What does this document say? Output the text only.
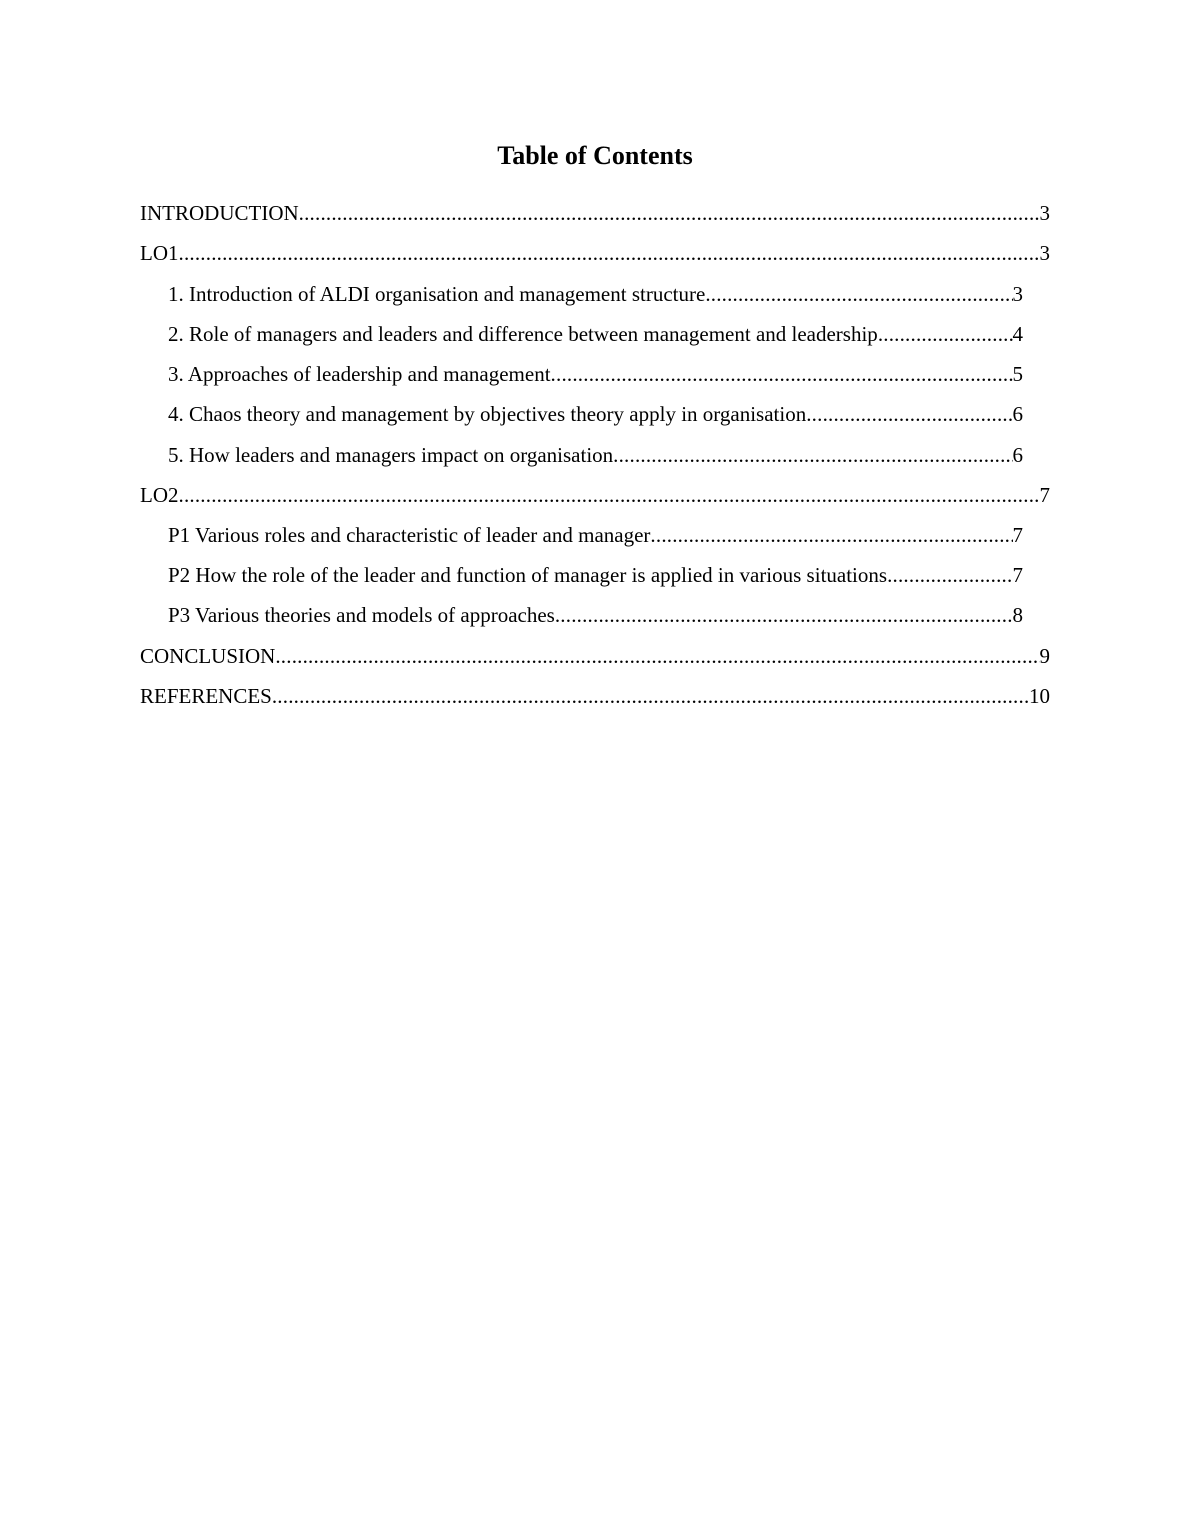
Table of Contents
INTRODUCTION .....	3
LO1 .....	3
1. Introduction of ALDI organisation and management structure .....	3
2. Role of managers and leaders and difference between management and leadership .....	4
3. Approaches of leadership and management .....	5
4. Chaos theory and management by objectives theory apply in organisation .....	6
5. How leaders and managers impact on organisation .....	6
LO2 .....	7
P1 Various roles and characteristic of leader and manager .....	7
P2 How the role of the leader and function of manager is applied in various situations .....	7
P3 Various theories and models of approaches .....	8
CONCLUSION .....	9
REFERENCES .....	10
